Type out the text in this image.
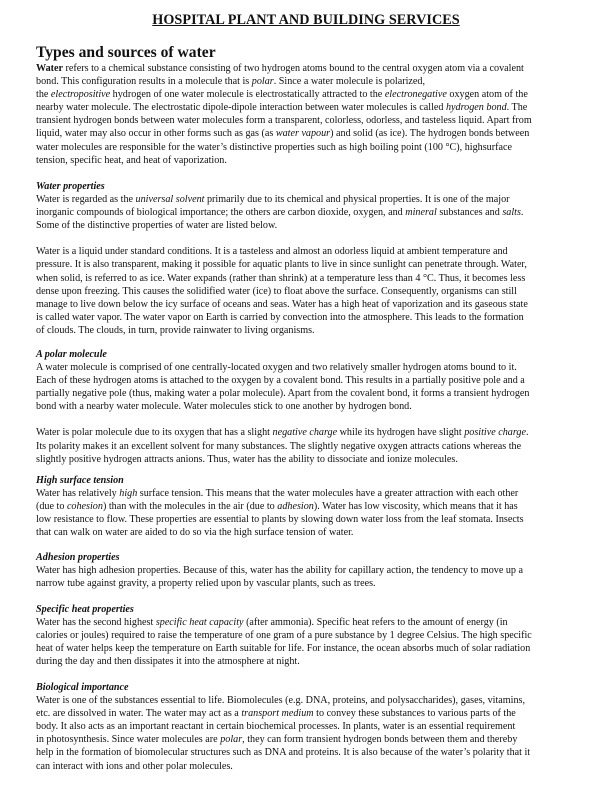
HOSPITAL PLANT AND BUILDING SERVICES
Types and sources of water
Water refers to a chemical substance consisting of two hydrogen atoms bound to the central oxygen atom via a covalent
bond. This configuration results in a molecule that is polar. Since a water molecule is polarized,
the electropositive hydrogen of one water molecule is electrostatically attracted to the electronegative oxygen atom of the
nearby water molecule. The electrostatic dipole-dipole interaction between water molecules is called hydrogen bond. The
transient hydrogen bonds between water molecules form a transparent, colorless, odorless, and tasteless liquid. Apart from
liquid, water may also occur in other forms such as gas (as water vapour) and solid (as ice). The hydrogen bonds between
water molecules are responsible for the water’s distinctive properties such as high boiling point (100 °C), highsurface
tension, specific heat, and heat of vaporization.
Water properties
Water is regarded as the universal solvent primarily due to its chemical and physical properties. It is one of the major
inorganic compounds of biological importance; the others are carbon dioxide, oxygen, and mineral substances and salts.
Some of the distinctive properties of water are listed below.
Water is a liquid under standard conditions. It is a tasteless and almost an odorless liquid at ambient temperature and
pressure. It is also transparent, making it possible for aquatic plants to live in since sunlight can penetrate through. Water,
when solid, is referred to as ice. Water expands (rather than shrink) at a temperature less than 4 °C. Thus, it becomes less
dense upon freezing. This causes the solidified water (ice) to float above the surface. Consequently, organisms can still
manage to live down below the icy surface of oceans and seas. Water has a high heat of vaporization and its gaseous state
is called water vapor. The water vapor on Earth is carried by convection into the atmosphere. This leads to the formation
of clouds. The clouds, in turn, provide rainwater to living organisms.
A polar molecule
A water molecule is comprised of one centrally-located oxygen and two relatively smaller hydrogen atoms bound to it.
Each of these hydrogen atoms is attached to the oxygen by a covalent bond. This results in a partially positive pole and a
partially negative pole (thus, making water a polar molecule). Apart from the covalent bond, it forms a transient hydrogen
bond with a nearby water molecule. Water molecules stick to one another by hydrogen bond.
Water is polar molecule due to its oxygen that has a slight negative charge while its hydrogen have slight positive charge.
Its polarity makes it an excellent solvent for many substances. The slightly negative oxygen attracts cations whereas the
slightly positive hydrogen attracts anions. Thus, water has the ability to dissociate and ionize molecules.
High surface tension
Water has relatively high surface tension. This means that the water molecules have a greater attraction with each other
(due to cohesion) than with the molecules in the air (due to adhesion). Water has low viscosity, which means that it has
low resistance to flow. These properties are essential to plants by slowing down water loss from the leaf stomata. Insects
that can walk on water are aided to do so via the high surface tension of water.
Adhesion properties
Water has high adhesion properties. Because of this, water has the ability for capillary action, the tendency to move up a
narrow tube against gravity, a property relied upon by vascular plants, such as trees.
Specific heat properties
Water has the second highest specific heat capacity (after ammonia). Specific heat refers to the amount of energy (in
calories or joules) required to raise the temperature of one gram of a pure substance by 1 degree Celsius. The high specific
heat of water helps keep the temperature on Earth suitable for life. For instance, the ocean absorbs much of solar radiation
during the day and then dissipates it into the atmosphere at night.
Biological importance
Water is one of the substances essential to life. Biomolecules (e.g. DNA, proteins, and polysaccharides), gases, vitamins,
etc. are dissolved in water. The water may act as a transport medium to convey these substances to various parts of the
body. It also acts as an important reactant in certain biochemical processes. In plants, water is an essential requirement
in photosynthesis. Since water molecules are polar, they can form transient hydrogen bonds between them and thereby
help in the formation of biomolecular structures such as DNA and proteins. It is also because of the water’s polarity that it
can interact with ions and other polar molecules.
